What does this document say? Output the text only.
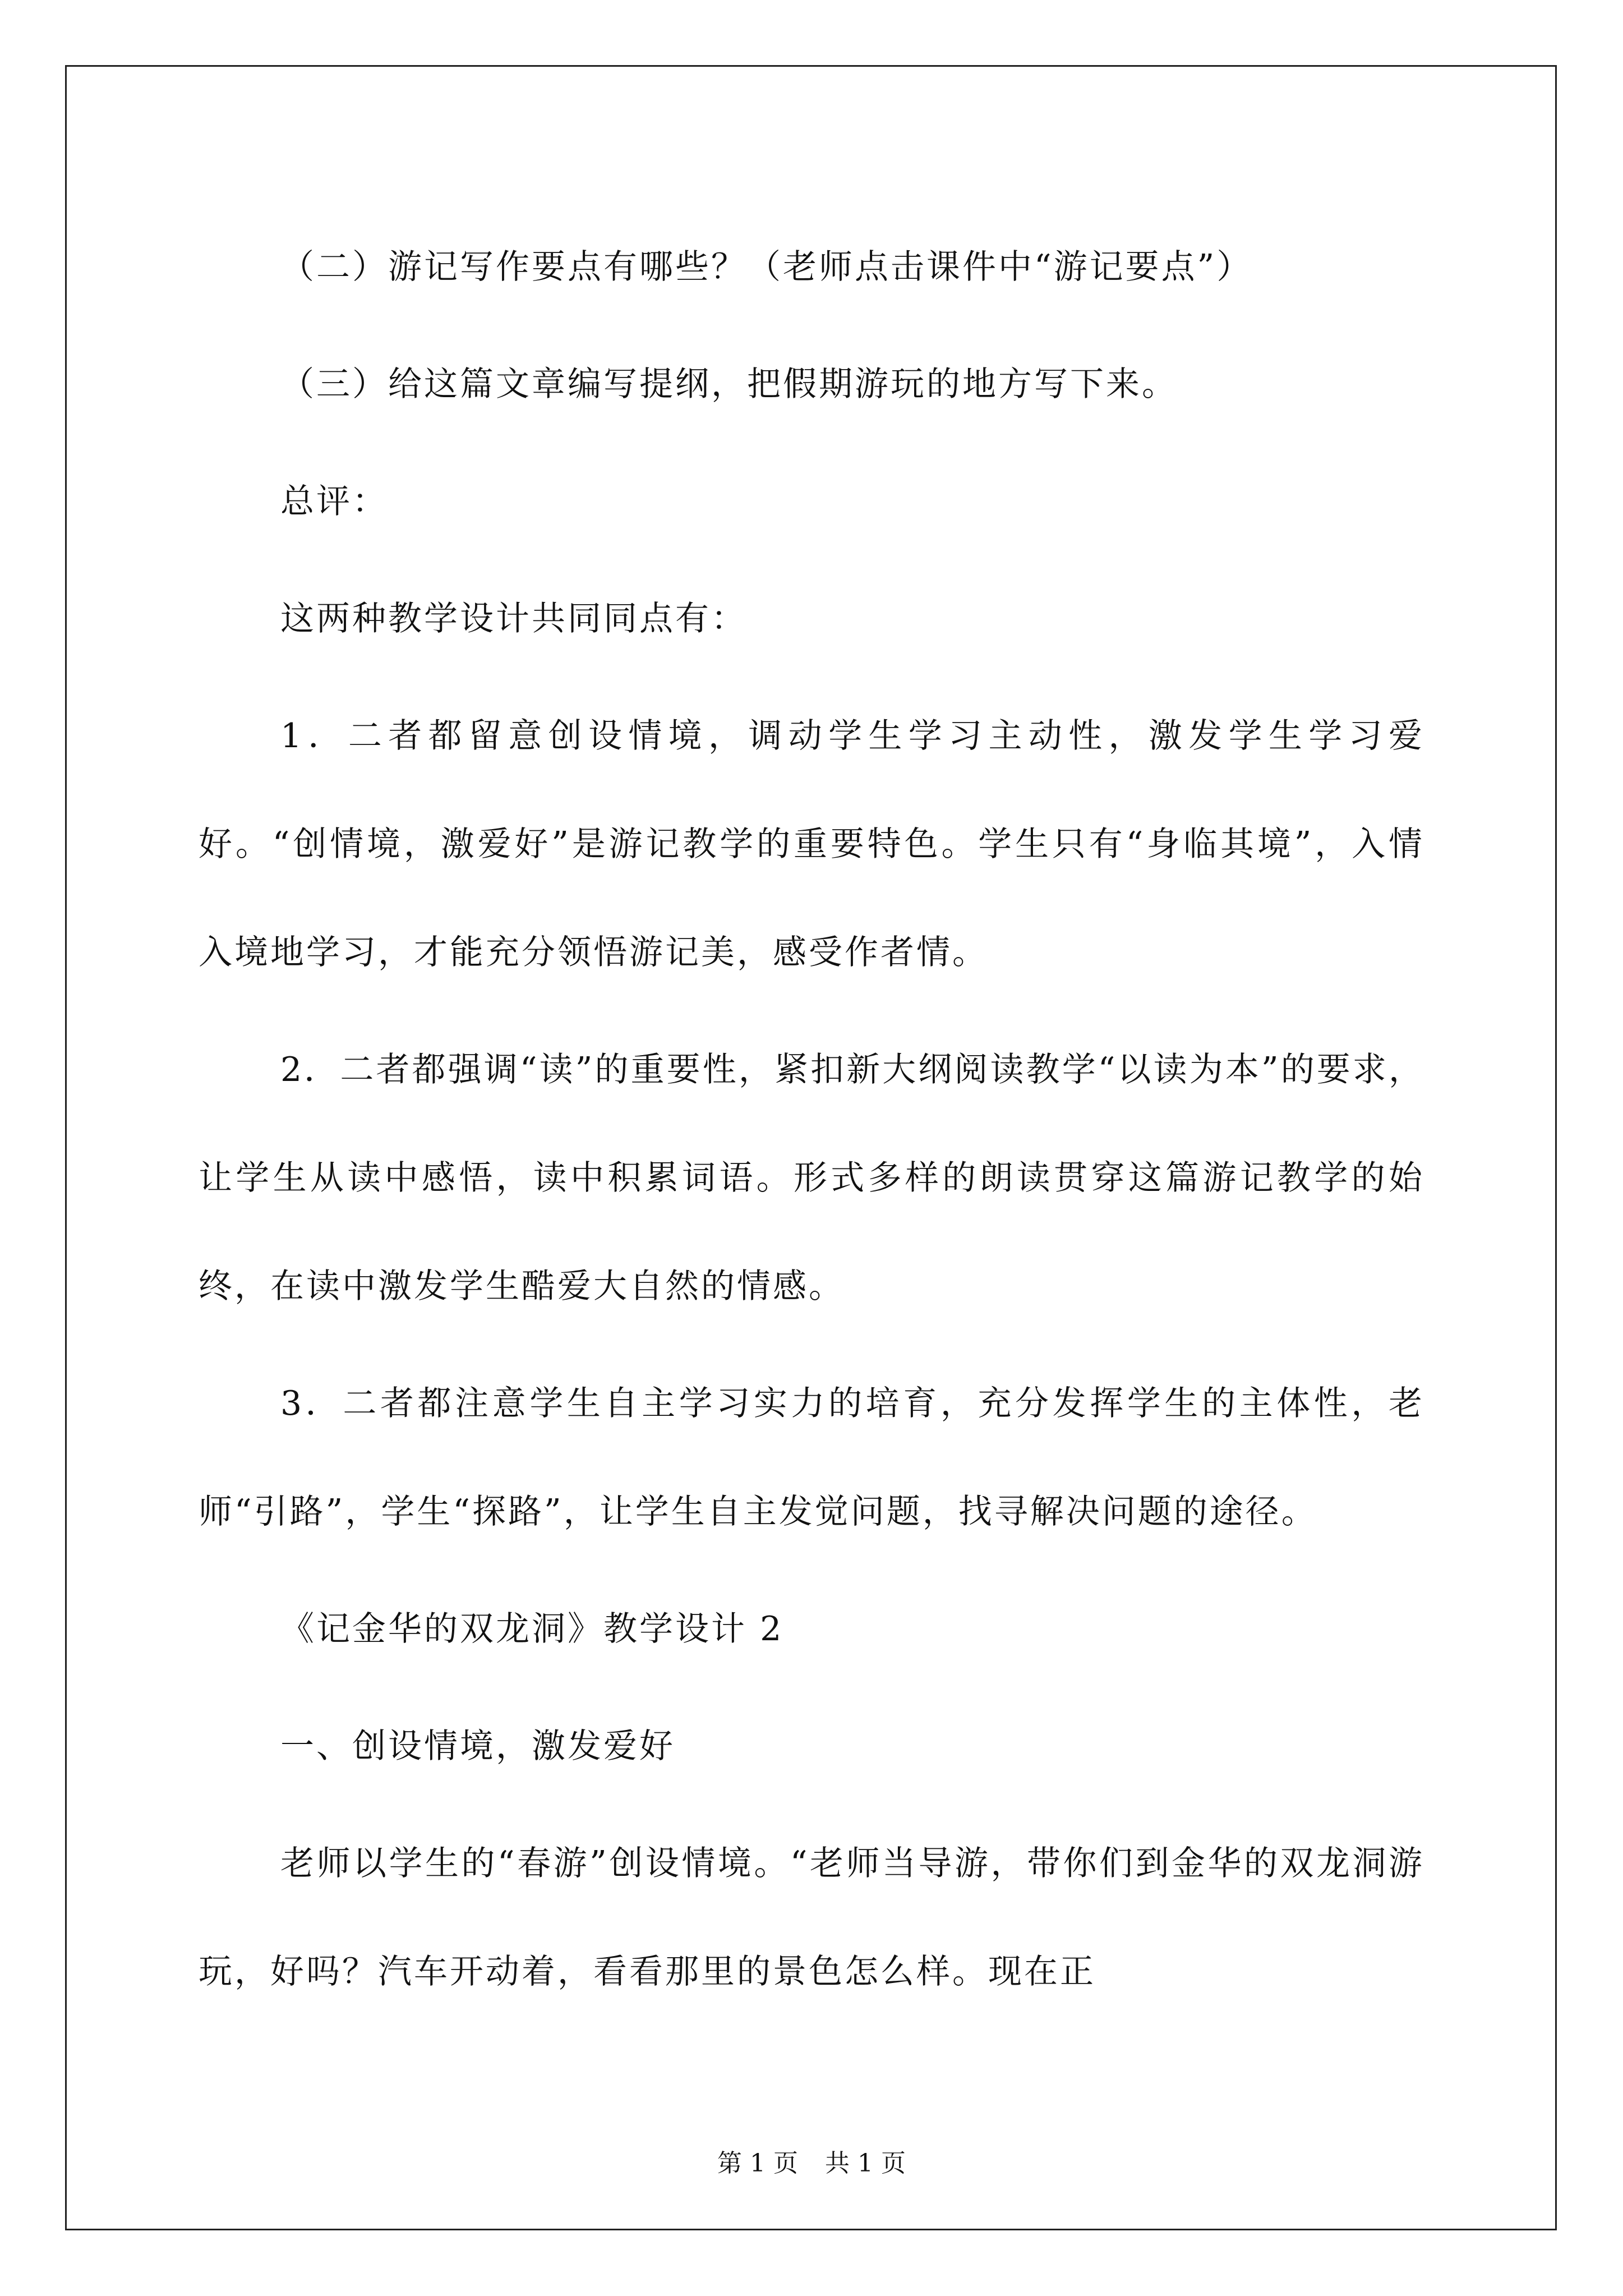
（二）游记写作要点有哪些？（老师点击课件中“游记要点”）

（三）给这篇文章编写提纲，把假期游玩的地方写下来。

总评：

这两种教学设计共同同点有：

1．二者都留意创设情境，调动学生学习主动性，激发学生学习爱好。“创情境，激爱好”是游记教学的重要特色。学生只有“身临其境”，入情入境地学习，才能充分领悟游记美，感受作者情。

2．二者都强调“读”的重要性，紧扣新大纲阅读教学“以读为本”的要求，让学生从读中感悟，读中积累词语。形式多样的朗读贯穿这篇游记教学的始终，在读中激发学生酷爱大自然的情感。

3．二者都注意学生自主学习实力的培育，充分发挥学生的主体性，老师“引路”，学生“探路”，让学生自主发觉问题，找寻解决问题的途径。

《记金华的双龙洞》教学设计 2

一、创设情境，激发爱好

老师以学生的“春游”创设情境。“老师当导游，带你们到金华的双龙洞游玩，好吗？汽车开动着，看看那里的景色怎么样。现在正

第 1 页 共 1 页
